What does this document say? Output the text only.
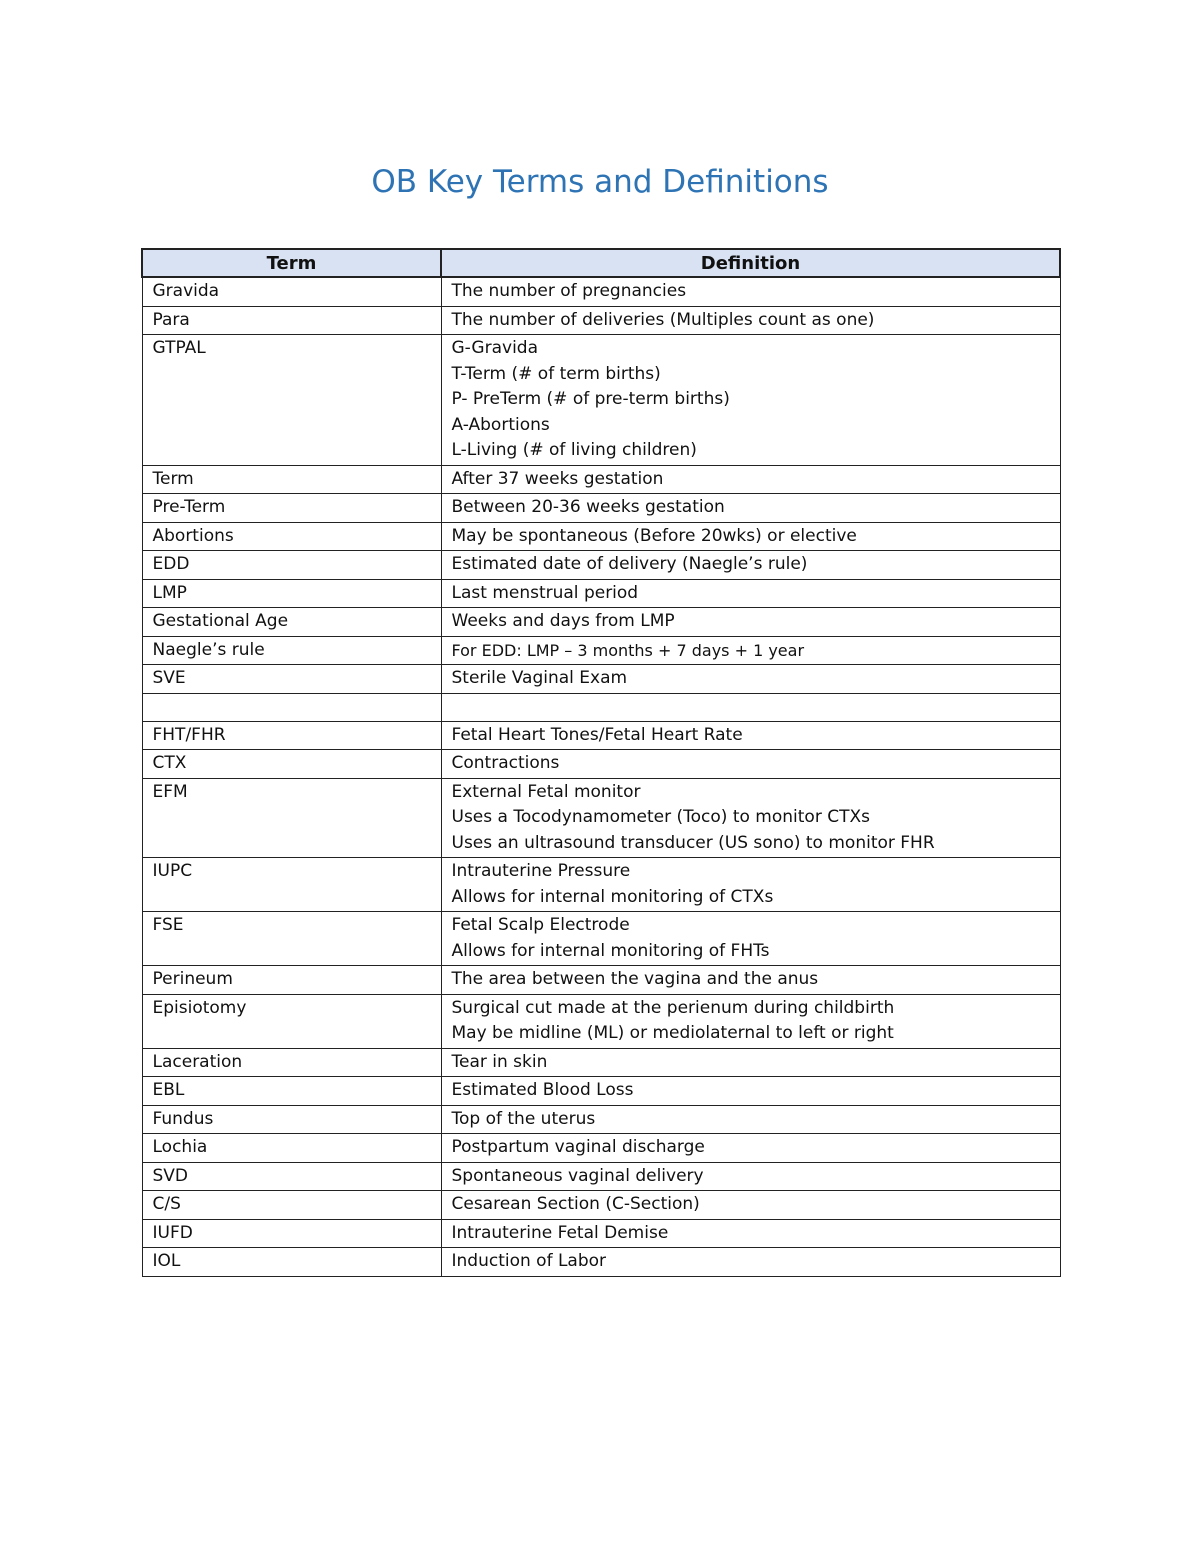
OB Key Terms and Definitions
Term	Definition
Gravida	The number of pregnancies

Para	The number of deliveries (Multiples count as one)

GTPAL	G-Gravida
T-Term (# of term births)
P- PreTerm (# of pre-term births)
A-Abortions
L-Living (# of living children)

Term	After 37 weeks gestation

Pre-Term	Between 20-36 weeks gestation

Abortions	May be spontaneous (Before 20wks) or elective

EDD	Estimated date of delivery (Naegle’s rule)

LMP	Last menstrual period

Gestational Age	Weeks and days from LMP

Naegle’s rule	For EDD: LMP – 3 months + 7 days + 1 year

SVE	Sterile Vaginal Exam

FHT/FHR	Fetal Heart Tones/Fetal Heart Rate

CTX	Contractions

EFM	External Fetal monitor
Uses a Tocodynamometer (Toco) to monitor CTXs
Uses an ultrasound transducer (US sono) to monitor FHR

IUPC	Intrauterine Pressure
Allows for internal monitoring of CTXs

FSE	Fetal Scalp Electrode
Allows for internal monitoring of FHTs

Perineum	The area between the vagina and the anus

Episiotomy	Surgical cut made at the perienum during childbirth
May be midline (ML) or mediolaternal to left or right

Laceration	Tear in skin

EBL	Estimated Blood Loss

Fundus	Top of the uterus

Lochia	Postpartum vaginal discharge

SVD	Spontaneous vaginal delivery

C/S	Cesarean Section (C-Section)

IUFD	Intrauterine Fetal Demise

IOL	Induction of Labor
